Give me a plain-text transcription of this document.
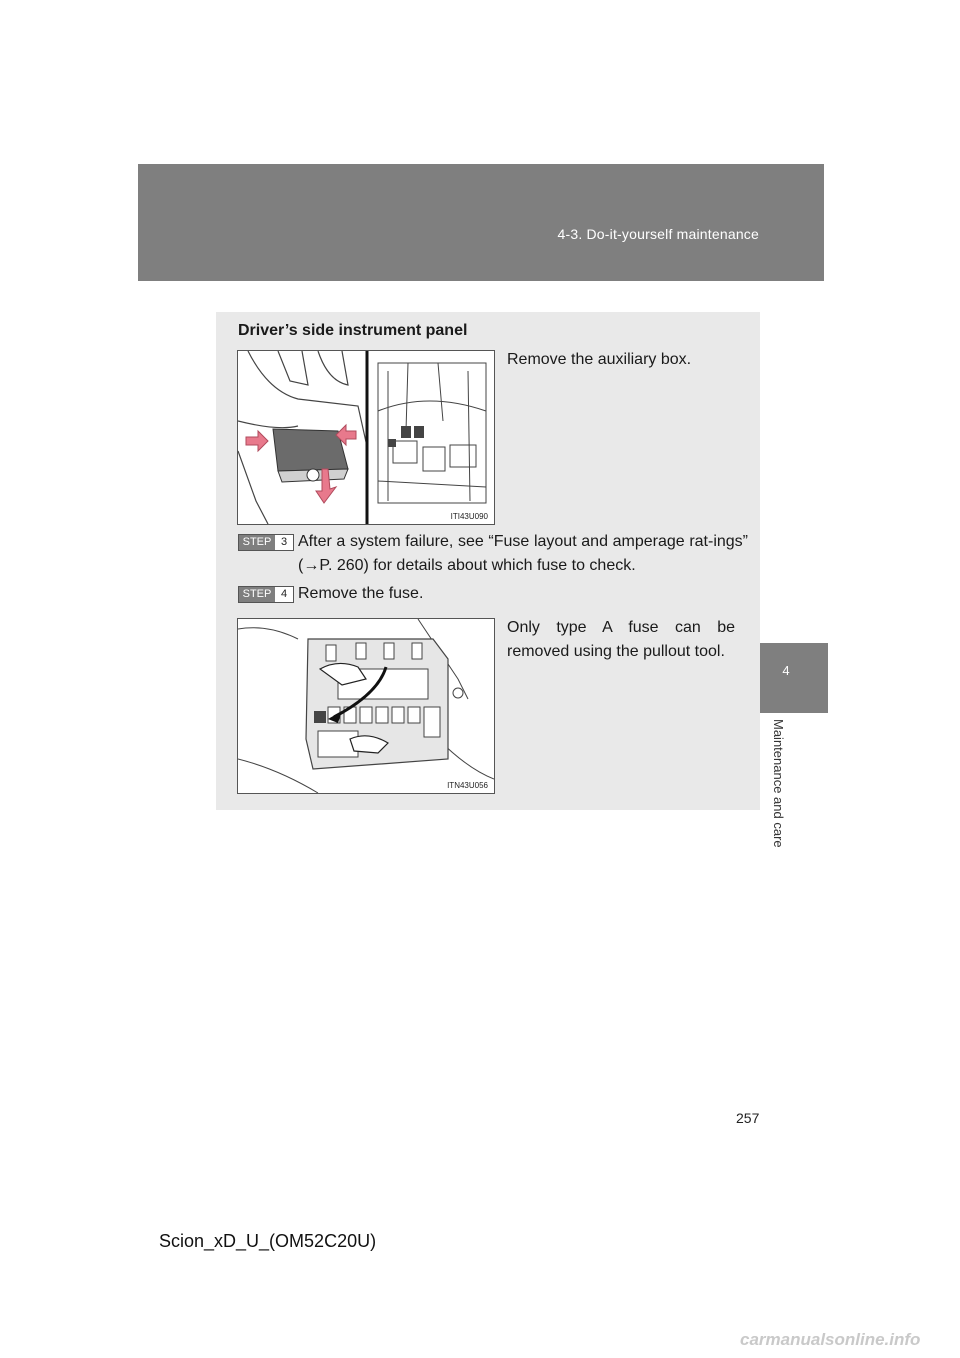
4-3. Do-it-yourself maintenance
4
Maintenance and care
Driver’s side instrument panel
ITI43U090
Remove the auxiliary box.
STEP 3 After a system failure, see “Fuse layout and amperage rat-ings” (→P. 260) for details about which fuse to check.
STEP 4 Remove the fuse.
ITN43U056
Only type A fuse can be removed using the pullout tool.
257
Scion_xD_U_(OM52C20U)
carmanualsonline.info
